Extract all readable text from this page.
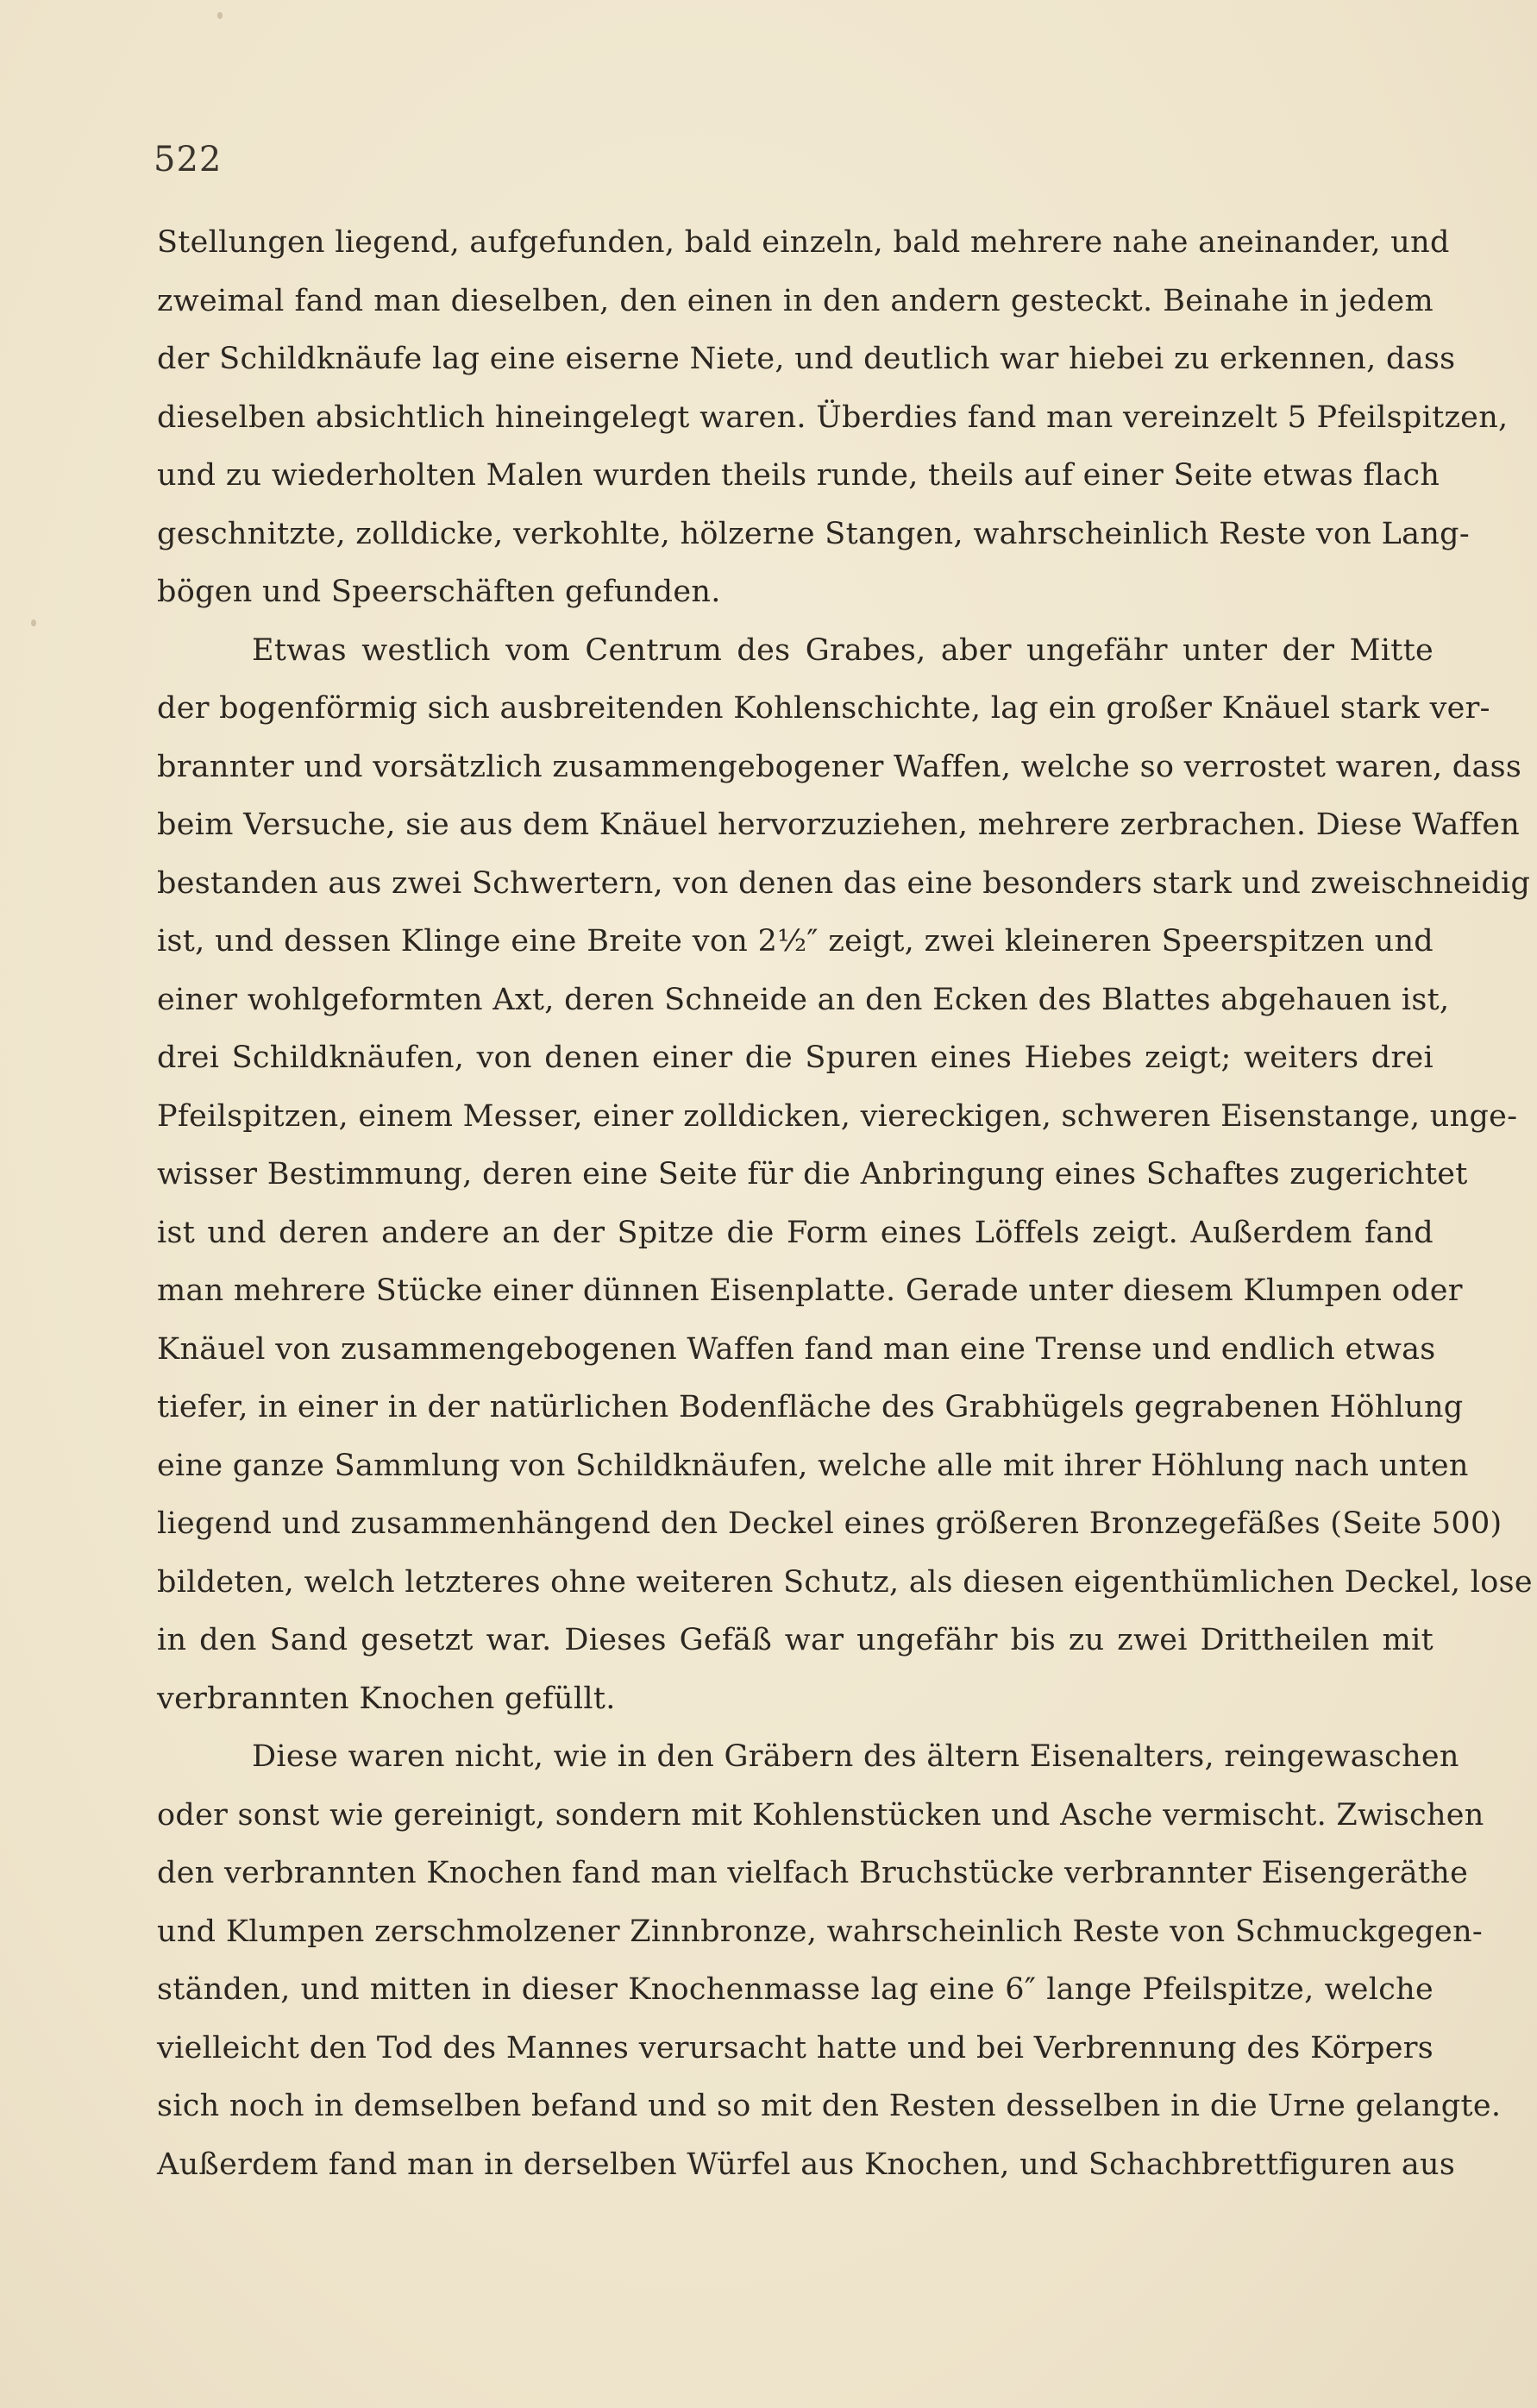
522
Stellungen liegend, aufgefunden, bald einzeln, bald mehrere nahe aneinander, und
zweimal fand man dieselben, den einen in den andern gesteckt. Beinahe in jedem
der Schildknäufe lag eine eiserne Niete, und deutlich war hiebei zu erkennen, dass
dieselben absichtlich hineingelegt waren. Überdies fand man vereinzelt 5 Pfeilspitzen,
und zu wiederholten Malen wurden theils runde, theils auf einer Seite etwas flach
geschnitzte, zolldicke, verkohlte, hölzerne Stangen, wahrscheinlich Reste von Lang-
bögen und Speerschäften gefunden.
Etwas westlich vom Centrum des Grabes, aber ungefähr unter der Mitte
der bogenförmig sich ausbreitenden Kohlenschichte, lag ein großer Knäuel stark ver-
brannter und vorsätzlich zusammengebogener Waffen, welche so verrostet waren, dass
beim Versuche, sie aus dem Knäuel hervorzuziehen, mehrere zerbrachen. Diese Waffen
bestanden aus zwei Schwertern, von denen das eine besonders stark und zweischneidig
ist, und dessen Klinge eine Breite von 2½″ zeigt, zwei kleineren Speerspitzen und
einer wohlgeformten Axt, deren Schneide an den Ecken des Blattes abgehauen ist,
drei Schildknäufen, von denen einer die Spuren eines Hiebes zeigt; weiters drei
Pfeilspitzen, einem Messer, einer zolldicken, viereckigen, schweren Eisenstange, unge-
wisser Bestimmung, deren eine Seite für die Anbringung eines Schaftes zugerichtet
ist und deren andere an der Spitze die Form eines Löffels zeigt. Außerdem fand
man mehrere Stücke einer dünnen Eisenplatte. Gerade unter diesem Klumpen oder
Knäuel von zusammengebogenen Waffen fand man eine Trense und endlich etwas
tiefer, in einer in der natürlichen Bodenfläche des Grabhügels gegrabenen Höhlung
eine ganze Sammlung von Schildknäufen, welche alle mit ihrer Höhlung nach unten
liegend und zusammenhängend den Deckel eines größeren Bronzegefäßes (Seite 500)
bildeten, welch letzteres ohne weiteren Schutz, als diesen eigenthümlichen Deckel, lose
in den Sand gesetzt war. Dieses Gefäß war ungefähr bis zu zwei Drittheilen mit
verbrannten Knochen gefüllt.
Diese waren nicht, wie in den Gräbern des ältern Eisenalters, reingewaschen
oder sonst wie gereinigt, sondern mit Kohlenstücken und Asche vermischt. Zwischen
den verbrannten Knochen fand man vielfach Bruchstücke verbrannter Eisengeräthe
und Klumpen zerschmolzener Zinnbronze, wahrscheinlich Reste von Schmuckgegen-
ständen, und mitten in dieser Knochenmasse lag eine 6″ lange Pfeilspitze, welche
vielleicht den Tod des Mannes verursacht hatte und bei Verbrennung des Körpers
sich noch in demselben befand und so mit den Resten desselben in die Urne gelangte.
Außerdem fand man in derselben Würfel aus Knochen, und Schachbrettfiguren aus
